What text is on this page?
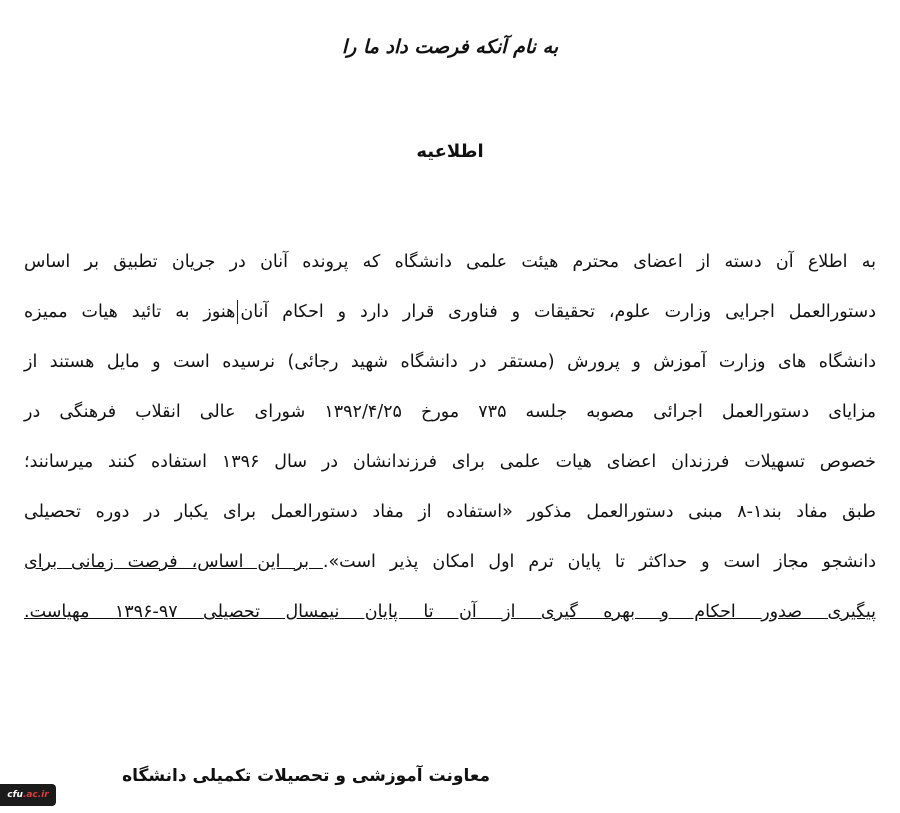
به نام آنکه فرصت داد ما را

اطلاعیه

به اطلاع آن دسته از اعضای محترم هیئت علمی دانشگاه که پرونده آنان در جریان تطبیق بر اساس
دستورالعمل اجرایی وزارت علوم، تحقیقات و فناوری قرار دارد و احکام آنانهنوز به تائید هیات ممیزه
دانشگاه های وزارت آموزش و پرورش (مستقر در دانشگاه شهید رجائی) نرسیده است و مایل هستند از
مزایای دستورالعمل اجرائی مصوبه جلسه ۷۳۵ مورخ ۱۳۹۲/۴/۲۵ شورای عالی انقلاب فرهنگی در
خصوص تسهیلات فرزندان اعضای هیات علمی برای فرزندانشان در سال ۱۳۹۶ استفاده کنند میرسانند؛
طبق مفاد بند۱-۸ مبنی دستورالعمل مذکور «استفاده از مفاد دستورالعمل برای یکبار در دوره تحصیلی
دانشجو مجاز است و حداکثر تا پایان ترم اول امکان پذیر است». بر این اساس، فرصت زمانی برای
پیگیری صدور احکام و بهره گیری از آن تا پایان نیمسال تحصیلی ۹۷-۱۳۹۶ مهیاست.

معاونت آموزشی و تحصیلات تکمیلی دانشگاه

cfu.ac.ir
